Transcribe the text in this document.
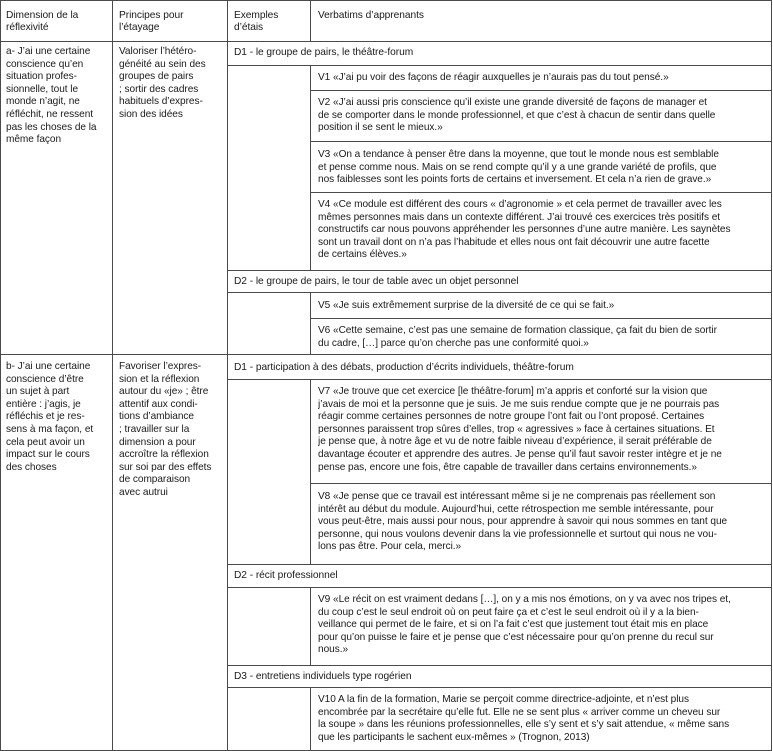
Dimension de la
réflexivité
Principes pour
l’étayage
Exemples
d’étais
Verbatims d’apprenants
a- J’ai une certaine
conscience qu’en
situation profes-
sionnelle, tout le
monde n’agit, ne
réfléchit, ne ressent
pas les choses de la
même façon
Valoriser l’hétéro-
généité au sein des
groupes de pairs
; sortir des cadres
habituels d’expres-
sion des idées
D1 - le groupe de pairs, le théâtre-forum
V1 «J’ai pu voir des façons de réagir auxquelles je n’aurais pas du tout pensé.»
V2 «J’ai aussi pris conscience qu’il existe une grande diversité de façons de manager et
de se comporter dans le monde professionnel, et que c’est à chacun de sentir dans quelle
position il se sent le mieux.»
V3 «On a tendance à penser être dans la moyenne, que tout le monde nous est semblable
et pense comme nous. Mais on se rend compte qu’il y a une grande variété de profils, que
nos faiblesses sont les points forts de certains et inversement. Et cela n’a rien de grave.»
V4 «Ce module est différent des cours « d’agronomie » et cela permet de travailler avec les
mêmes personnes mais dans un contexte différent. J’ai trouvé ces exercices très positifs et
constructifs car nous pouvons appréhender les personnes d’une autre manière. Les saynètes
sont un travail dont on n’a pas l’habitude et elles nous ont fait découvrir une autre facette
de certains élèves.»
D2 - le groupe de pairs, le tour de table avec un objet personnel
V5 «Je suis extrêmement surprise de la diversité de ce qui se fait.»
V6 «Cette semaine, c’est pas une semaine de formation classique, ça fait du bien de sortir
du cadre, […] parce qu’on cherche pas une conformité quoi.»
b- J’ai une certaine
conscience d’être
un sujet à part
entière : j’agis, je
réfléchis et je res-
sens à ma façon, et
cela peut avoir un
impact sur le cours
des choses
Favoriser l’expres-
sion et la réflexion
autour du «je» ; être
attentif aux condi-
tions d’ambiance
; travailler sur la
dimension a pour
accroître la réflexion
sur soi par des effets
de comparaison
avec autrui
D1 - participation à des débats, production d’écrits individuels, théâtre-forum
V7 «Je trouve que cet exercice [le théâtre-forum] m’a appris et conforté sur la vision que
j’avais de moi et la personne que je suis. Je me suis rendue compte que je ne pourrais pas
réagir comme certaines personnes de notre groupe l’ont fait ou l’ont proposé. Certaines
personnes paraissent trop sûres d’elles, trop « agressives » face à certaines situations. Et
je pense que, à notre âge et vu de notre faible niveau d’expérience, il serait préférable de
davantage écouter et apprendre des autres. Je pense qu’il faut savoir rester intègre et je ne
pense pas, encore une fois, être capable de travailler dans certains environnements.»
V8 «Je pense que ce travail est intéressant même si je ne comprenais pas réellement son
intérêt au début du module. Aujourd’hui, cette rétrospection me semble intéressante, pour
vous peut-être, mais aussi pour nous, pour apprendre à savoir qui nous sommes en tant que
personne, qui nous voulons devenir dans la vie professionnelle et surtout qui nous ne vou-
lons pas être. Pour cela, merci.»
D2 - récit professionnel
V9 «Le récit on est vraiment dedans […], on y a mis nos émotions, on y va avec nos tripes et,
du coup c’est le seul endroit où on peut faire ça et c’est le seul endroit où il y a la bien-
veillance qui permet de le faire, et si on l’a fait c’est que justement tout était mis en place
pour qu’on puisse le faire et je pense que c’est nécessaire pour qu’on prenne du recul sur
nous.»
D3 - entretiens individuels type rogérien
V10 A la fin de la formation, Marie se perçoit comme directrice-adjointe, et n’est plus
encombrée par la secrétaire qu’elle fut. Elle ne se sent plus « arriver comme un cheveu sur
la soupe » dans les réunions professionnelles, elle s’y sent et s’y sait attendue, « même sans
que les participants le sachent eux-mêmes » (Trognon, 2013)
